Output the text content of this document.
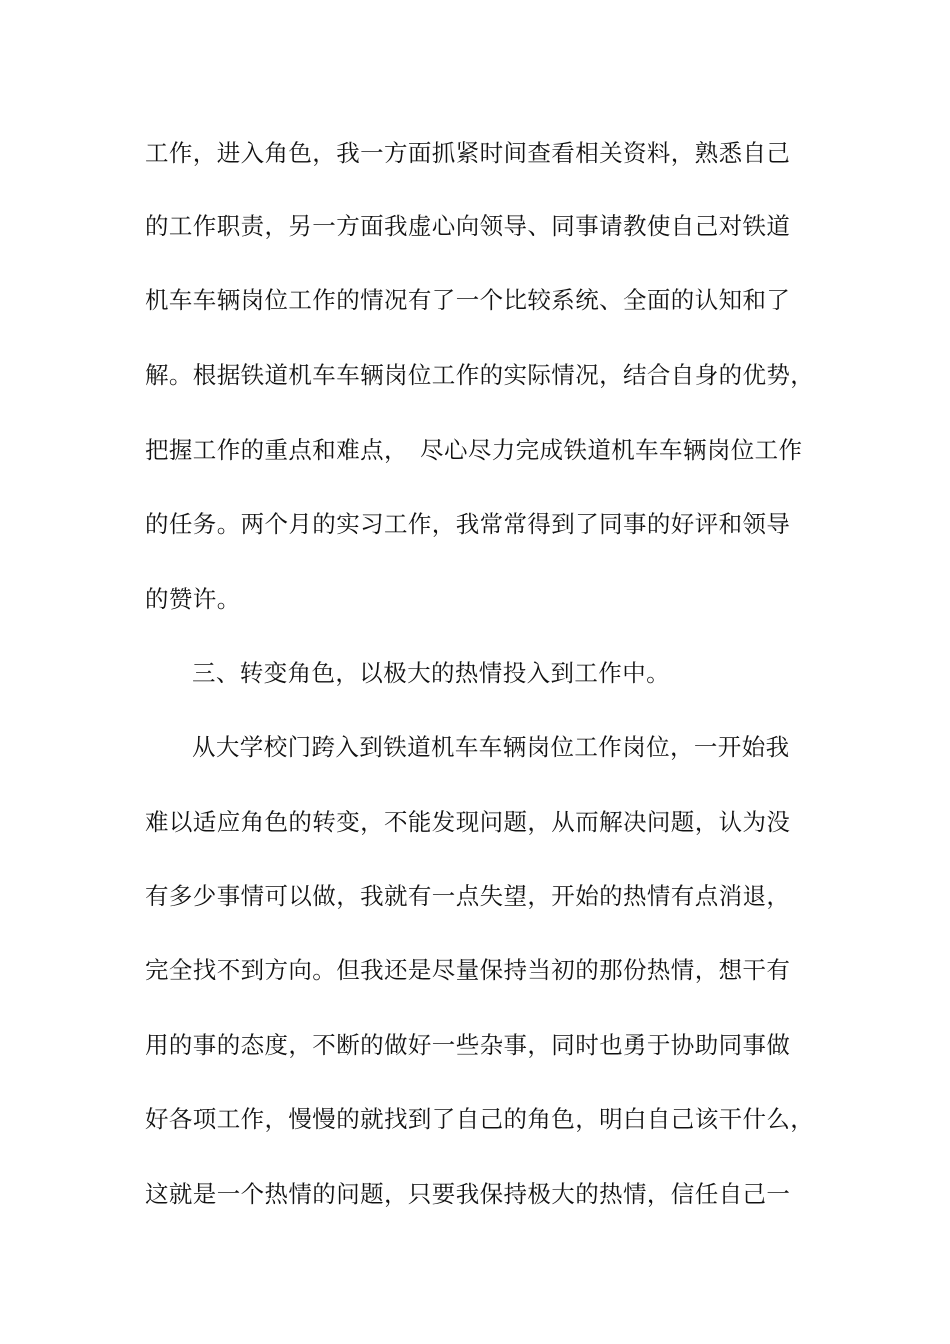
工作，进入角色，我一方面抓紧时间查看相关资料，熟悉自己

的工作职责，另一方面我虚心向领导、同事请教使自己对铁道

机车车辆岗位工作的情况有了一个比较系统、全面的认知和了

解。根据铁道机车车辆岗位工作的实际情况，结合自身的优势，

把握工作的重点和难点，　尽心尽力完成铁道机车车辆岗位工作

的任务。两个月的实习工作，我常常得到了同事的好评和领导

的赞许。

三、转变角色，以极大的热情投入到工作中。

从大学校门跨入到铁道机车车辆岗位工作岗位，一开始我

难以适应角色的转变，不能发现问题，从而解决问题，认为没

有多少事情可以做，我就有一点失望，开始的热情有点消退，

完全找不到方向。但我还是尽量保持当初的那份热情，想干有

用的事的态度，不断的做好一些杂事，同时也勇于协助同事做

好各项工作，慢慢的就找到了自己的角色，明白自己该干什么，

这就是一个热情的问题，只要我保持极大的热情，信任自己一
